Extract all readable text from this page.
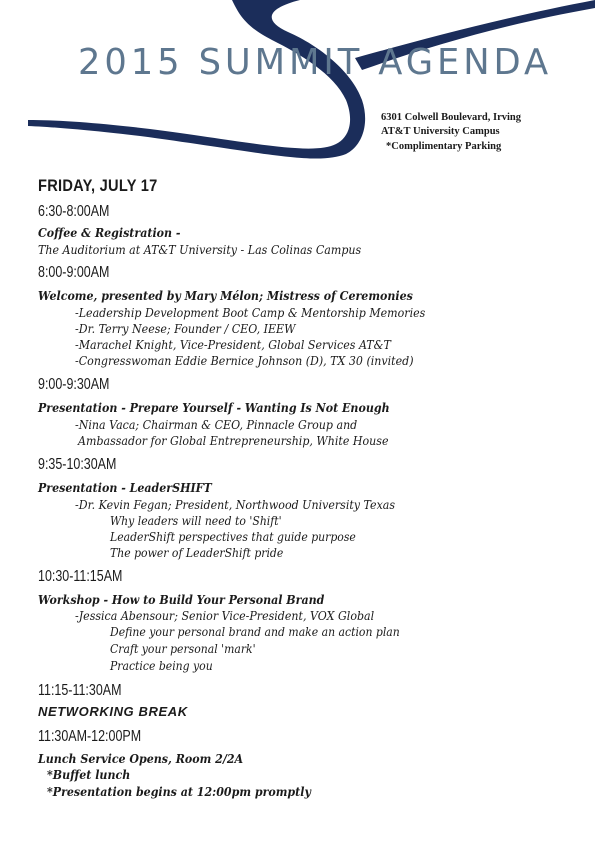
2015 SUMMIT AGENDA
6301 Colwell Boulevard, Irving
AT&T University Campus
*Complimentary Parking
FRIDAY, JULY 17
6:30-8:00AM
Coffee & Registration -
The Auditorium at AT&T University - Las Colinas Campus
8:00-9:00AM
Welcome, presented by Mary Mélon; Mistress of Ceremonies
-Leadership Development Boot Camp & Mentorship Memories
-Dr. Terry Neese; Founder / CEO, IEEW
-Marachel Knight, Vice-President, Global Services AT&T
-Congresswoman Eddie Bernice Johnson (D), TX 30 (invited)
9:00-9:30AM
Presentation - Prepare Yourself - Wanting Is Not Enough
-Nina Vaca; Chairman & CEO, Pinnacle Group and
Ambassador for Global Entrepreneurship, White House
9:35-10:30AM
Presentation - LeaderSHIFT
-Dr. Kevin Fegan; President, Northwood University Texas
Why leaders will need to 'Shift'
LeaderShift perspectives that guide purpose
The power of LeaderShift pride
10:30-11:15AM
Workshop - How to Build Your Personal Brand
-Jessica Abensour; Senior Vice-President, VOX Global
Define your personal brand and make an action plan
Craft your personal 'mark'
Practice being you
11:15-11:30AM
NETWORKING BREAK
11:30AM-12:00PM
Lunch Service Opens, Room 2/2A
*Buffet lunch
*Presentation begins at 12:00pm promptly
